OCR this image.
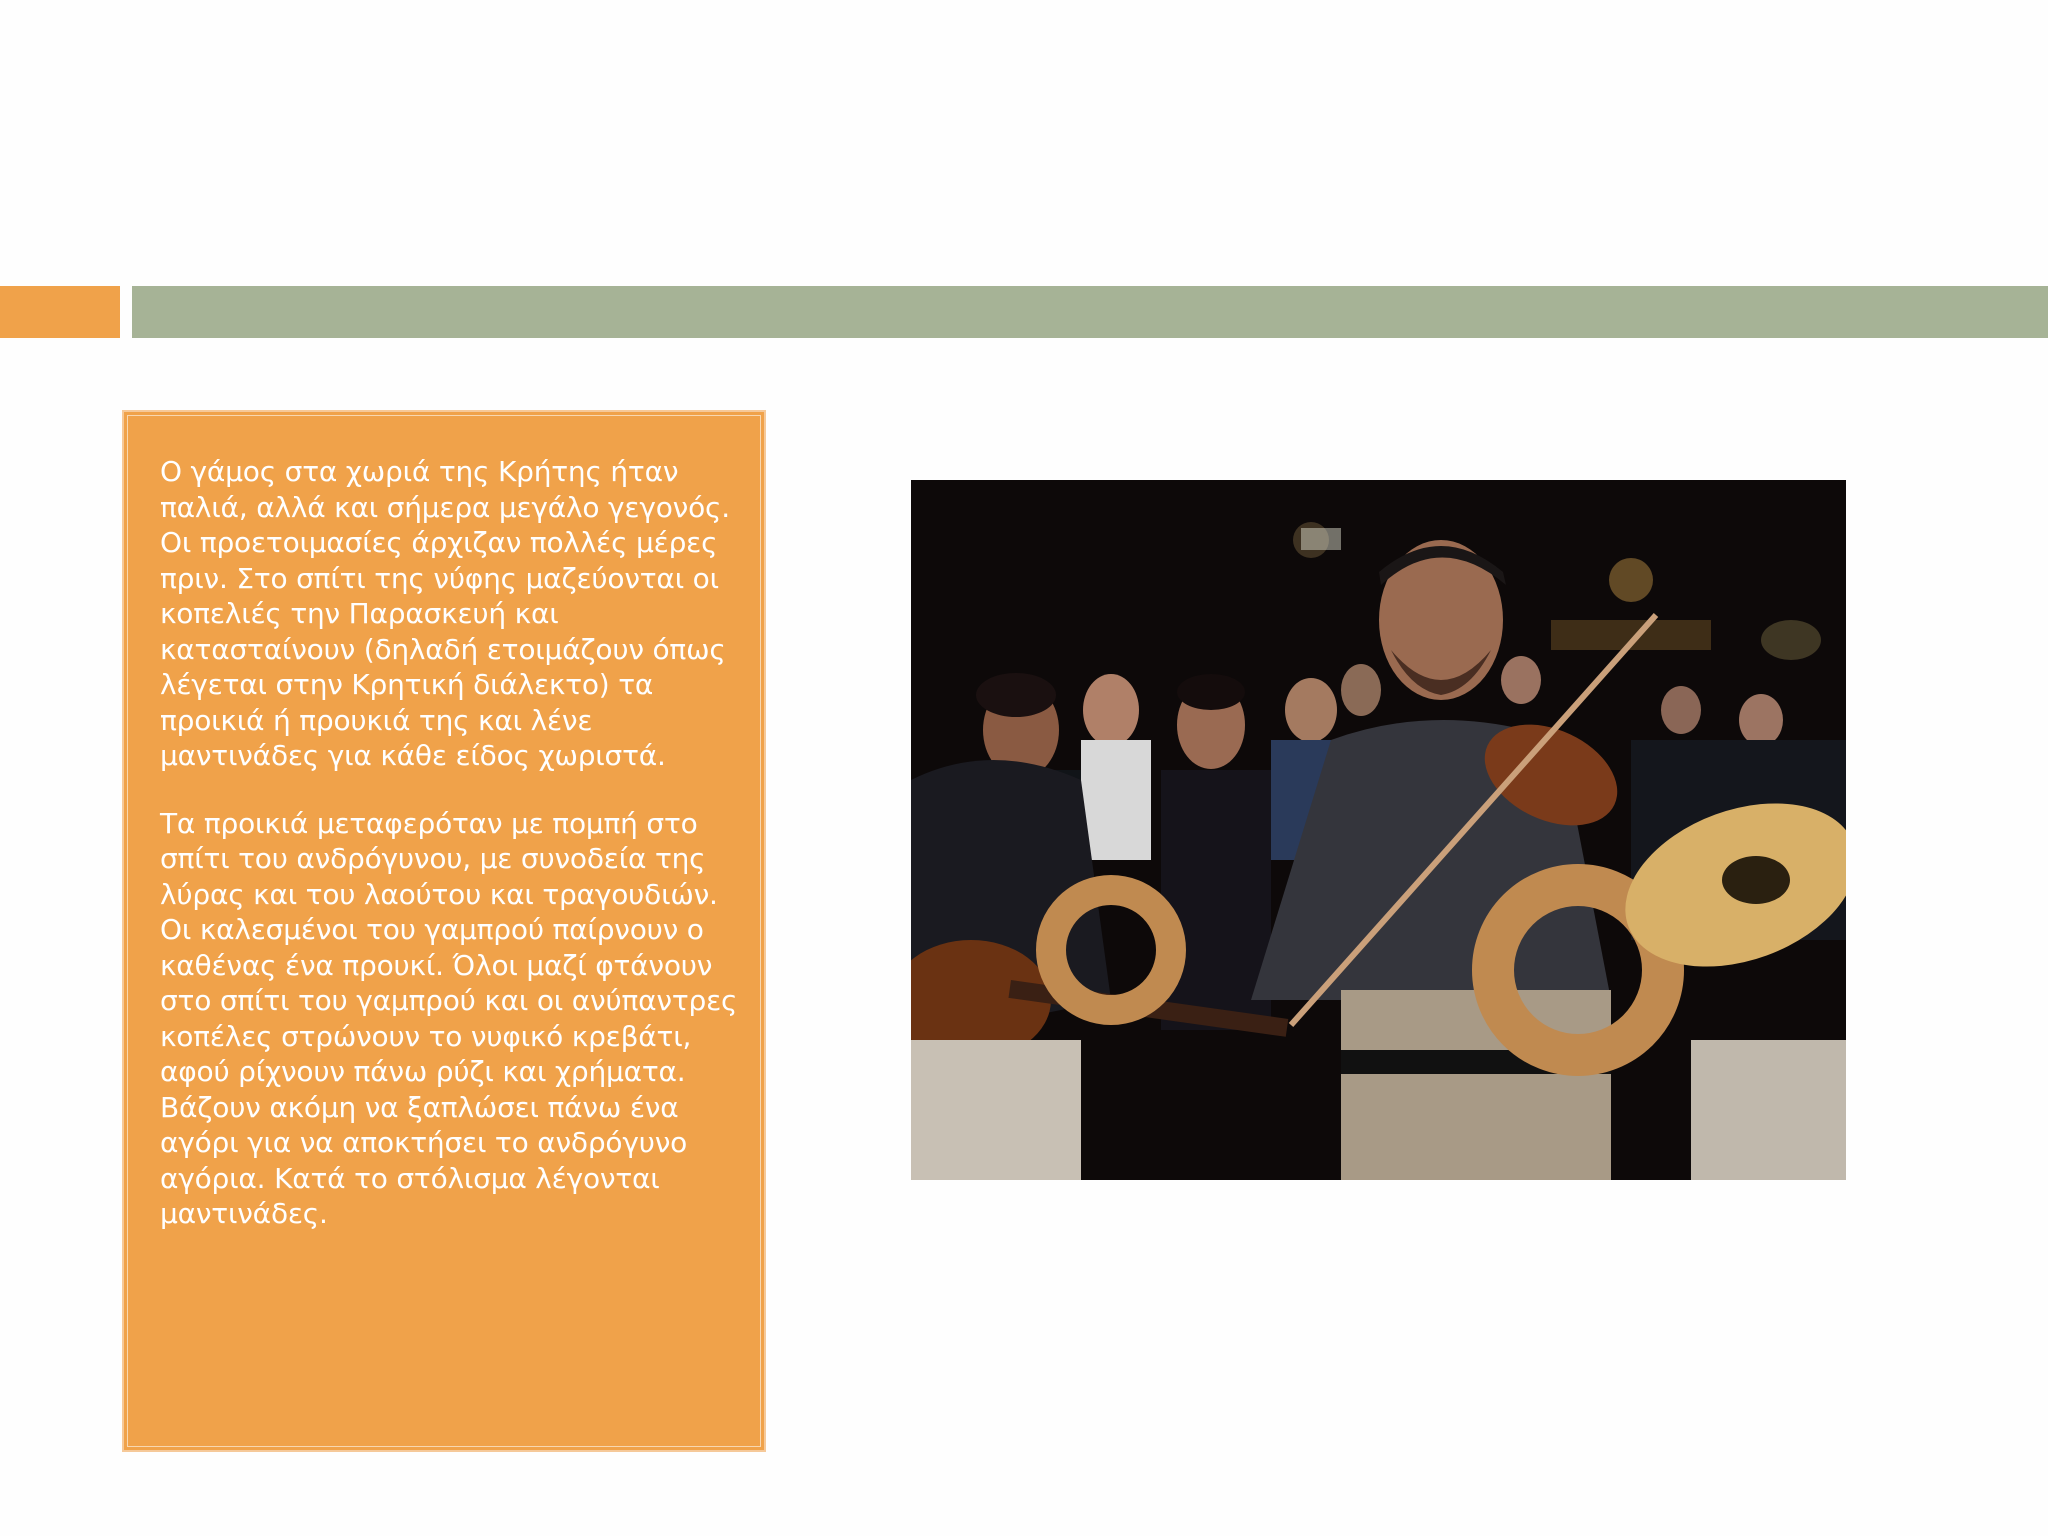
Ο γάμος στα χωριά της Κρήτης ήταν παλιά, αλλά και σήμερα μεγάλο γεγονός. Οι προετοιμασίες άρχιζαν πολλές μέρες πριν. Στο σπίτι της νύφης μαζεύονται οι κοπελιές την Παρασκευή και κατασταίνουν (δηλαδή ετοιμάζουν όπως λέγεται στην Κρητική διάλεκτο) τα προικιά ή προυκιά της και λένε μαντινάδες για κάθε είδος χωριστά.

Τα προικιά μεταφερόταν με πομπή στο σπίτι του ανδρόγυνου, με συνοδεία της λύρας και του λαούτου και τραγουδιών. Οι καλεσμένοι του γαμπρού παίρνουν ο καθένας ένα προυκί. Όλοι μαζί φτάνουν στο σπίτι του γαμπρού και οι ανύπαντρες κοπέλες στρώνουν το νυφικό κρεβάτι, αφού ρίχνουν πάνω ρύζι και χρήματα. Βάζουν ακόμη να ξαπλώσει πάνω ένα αγόρι για να αποκτήσει το ανδρόγυνο αγόρια. Κατά το στόλισμα λέγονται μαντινάδες.
